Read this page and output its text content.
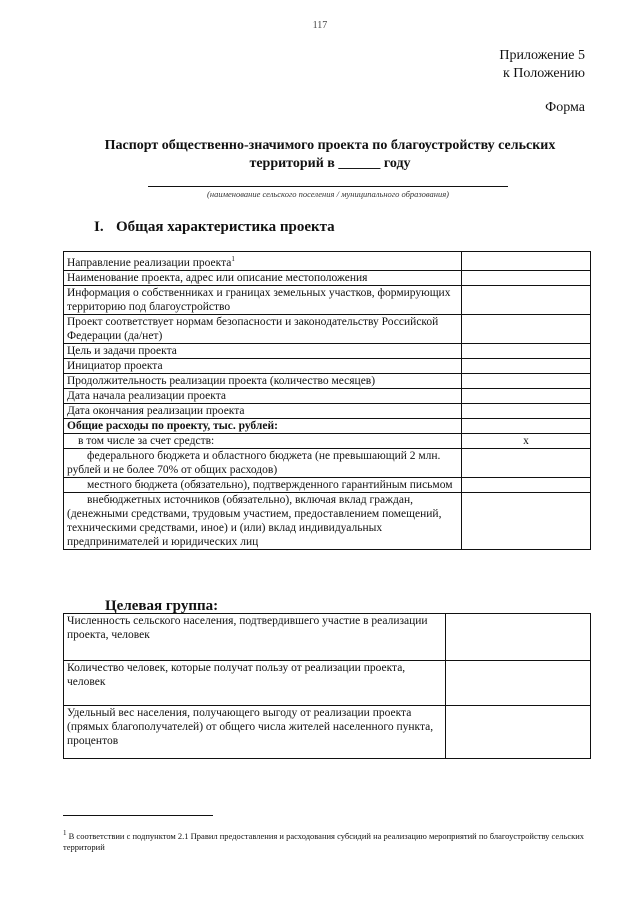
117
Приложение 5
к Положению
Форма
Паспорт общественно-значимого проекта по благоустройству сельских
территорий в ______ году
(наименование сельского поселения / муниципального образования)
I. Общая характеристика проекта
Направление реализации проекта$^1$	
Наименование проекта, адрес или описание местоположения	
Информация о собственниках и границах земельных участков, формирующих территорию под благоустройство	
Проект соответствует нормам безопасности и законодательству Российской Федерации (да/нет)	
Цель и задачи проекта	
Инициатор проекта	
Продолжительность реализации проекта (количество месяцев)	
Дата начала реализации проекта	
Дата окончания реализации проекта	
Общие расходы по проекту, тыс. рублей:	
в том числе за счет средств:	х
федерального бюджета и областного бюджета (не превышающий 2 млн. рублей и не более 70% от общих расходов)	
местного бюджета (обязательно), подтвержденного гарантийным письмом	
внебюджетных источников (обязательно), включая вклад граждан, (денежными средствами, трудовым участием, предоставлением помещений, техническими средствами, иное) и (или) вклад индивидуальных предпринимателей и юридических лиц	
Целевая группа:
Численность сельского населения, подтвердившего участие в реализации проекта, человек	
Количество человек, которые получат пользу от реализации проекта, человек	
Удельный вес населения, получающего выгоду от реализации проекта (прямых благополучателей) от общего числа жителей населенного пункта, процентов	
$^1$ В соответствии с подпунктом 2.1 Правил предоставления и расходования субсидий на реализацию мероприятий по благоустройству сельских территорий
